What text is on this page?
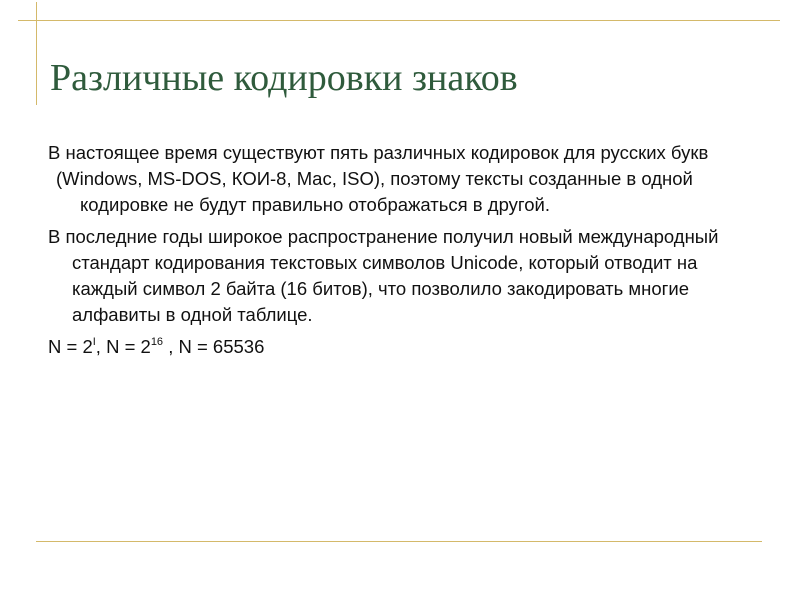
Различные кодировки знаков

В настоящее время существуют пять различных кодировок для русских букв
(Windows, MS-DOS, КОИ-8, Mac, ISO), поэтому тексты созданные в одной кодировке не будут правильно отображаться в другой.

В последние годы широкое распространение получил новый международный стандарт кодирования текстовых символов Unicode, который отводит на каждый символ 2 байта (16 битов), что позволило закодировать многие алфавиты в одной таблице.

$N = 2^I$, $N = 2^{16}$ , N = 65536
